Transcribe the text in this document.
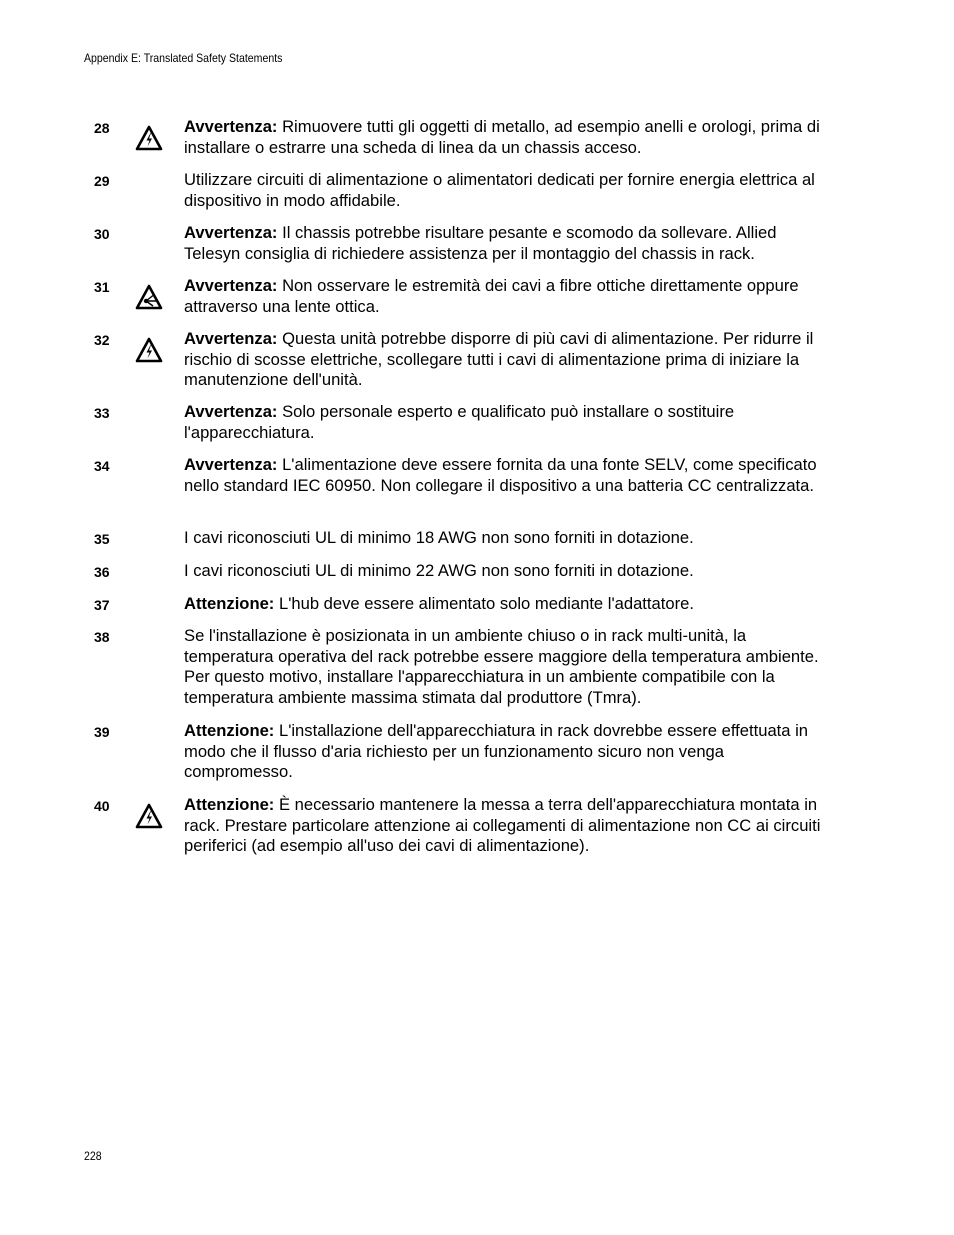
Appendix E: Translated Safety Statements
28	Avvertenza: Rimuovere tutti gli oggetti di metallo, ad esempio anelli e orologi, prima di installare o estrarre una scheda di linea da un chassis acceso.
29	Utilizzare circuiti di alimentazione o alimentatori dedicati per fornire energia elettrica al dispositivo in modo affidabile.
30	Avvertenza: Il chassis potrebbe risultare pesante e scomodo da sollevare. Allied Telesyn consiglia di richiedere assistenza per il montaggio del chassis in rack.
31	Avvertenza: Non osservare le estremità dei cavi a fibre ottiche direttamente oppure attraverso una lente ottica.
32	Avvertenza: Questa unità potrebbe disporre di più cavi di alimentazione. Per ridurre il rischio di scosse elettriche, scollegare tutti i cavi di alimentazione prima di iniziare la manutenzione dell'unità.
33	Avvertenza: Solo personale esperto e qualificato può installare o sostituire l'apparecchiatura.
34	Avvertenza: L'alimentazione deve essere fornita da una fonte SELV, come specificato nello standard IEC 60950. Non collegare il dispositivo a una batteria CC centralizzata.
35	I cavi riconosciuti UL di minimo 18 AWG non sono forniti in dotazione.
36	I cavi riconosciuti UL di minimo 22 AWG non sono forniti in dotazione.
37	Attenzione: L'hub deve essere alimentato solo mediante l'adattatore.
38	Se l'installazione è posizionata in un ambiente chiuso o in rack multi-unità, la temperatura operativa del rack potrebbe essere maggiore della temperatura ambiente. Per questo motivo, installare l'apparecchiatura in un ambiente compatibile con la temperatura ambiente massima stimata dal produttore (Tmra).
39	Attenzione: L'installazione dell'apparecchiatura in rack dovrebbe essere effettuata in modo che il flusso d'aria richiesto per un funzionamento sicuro non venga compromesso.
40	Attenzione: È necessario mantenere la messa a terra dell'apparecchiatura montata in rack. Prestare particolare attenzione ai collegamenti di alimentazione non CC ai circuiti periferici (ad esempio all'uso dei cavi di alimentazione).
228
